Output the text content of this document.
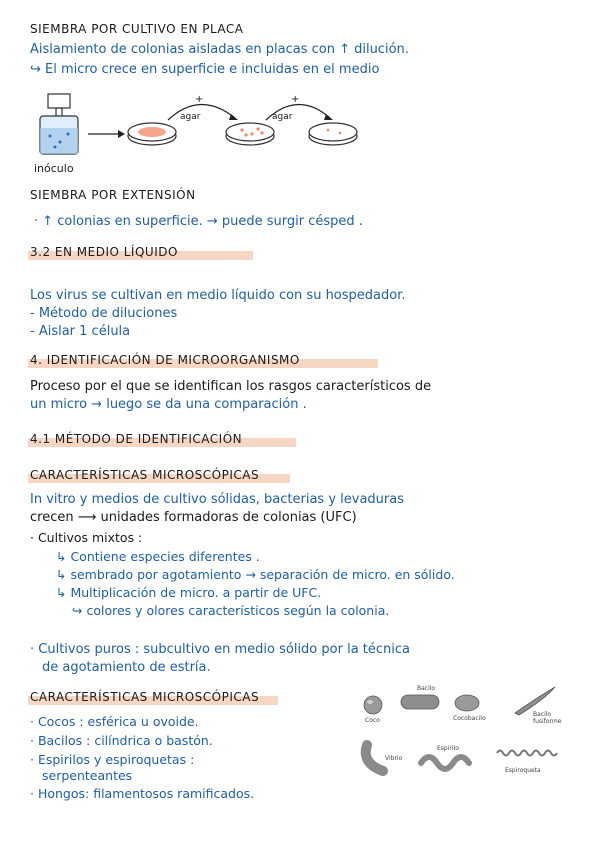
SIEMBRA POR CULTIVO EN PLACA
Aislamiento de colonias aisladas en placas con ↑ dilución.
↪ El micro crece en superficie e incluidas en el medio
+	+
agar	agar
inóculo
SIEMBRA POR EXTENSIÓN
· ↑ colonias en superficie. → puede surgir césped .
3.2 EN MEDIO LÍQUIDO
Los virus se cultivan en medio líquido con su hospedador.
- Método de diluciones
- Aislar 1 célula
4. IDENTIFICACIÓN DE MICROORGANISMO
Proceso por el que se identifican los rasgos característicos de
un micro → luego se da una comparación .
4.1 MÉTODO DE IDENTIFICACIÓN
CARACTERÍSTICAS MICROSCÓPICAS
In vitro y medios de cultivo sólidas, bacterias y levaduras
crecen ⟶ unidades formadoras de colonias (UFC)
· Cultivos mixtos :
↳ Contiene especies diferentes .
↳ sembrado por agotamiento → separación de micro. en sólido.
↳ Multiplicación de micro. a partir de UFC.
↪ colores y olores característicos según la colonia.
· Cultivos puros : subcultivo en medio sólido por la técnica
de agotamiento de estría.
CARACTERÍSTICAS MICROSCÓPICAS
· Cocos : esférica u ovoide.
· Bacilos : cilíndrica o bastón.
· Espirilos y espiroquetas :
serpenteantes
· Hongos: filamentosos ramificados.
Coco
Bacilo
Cocobacilo
Bacilo fusiforme
Vibrio
Espirilo
Espiroqueta
